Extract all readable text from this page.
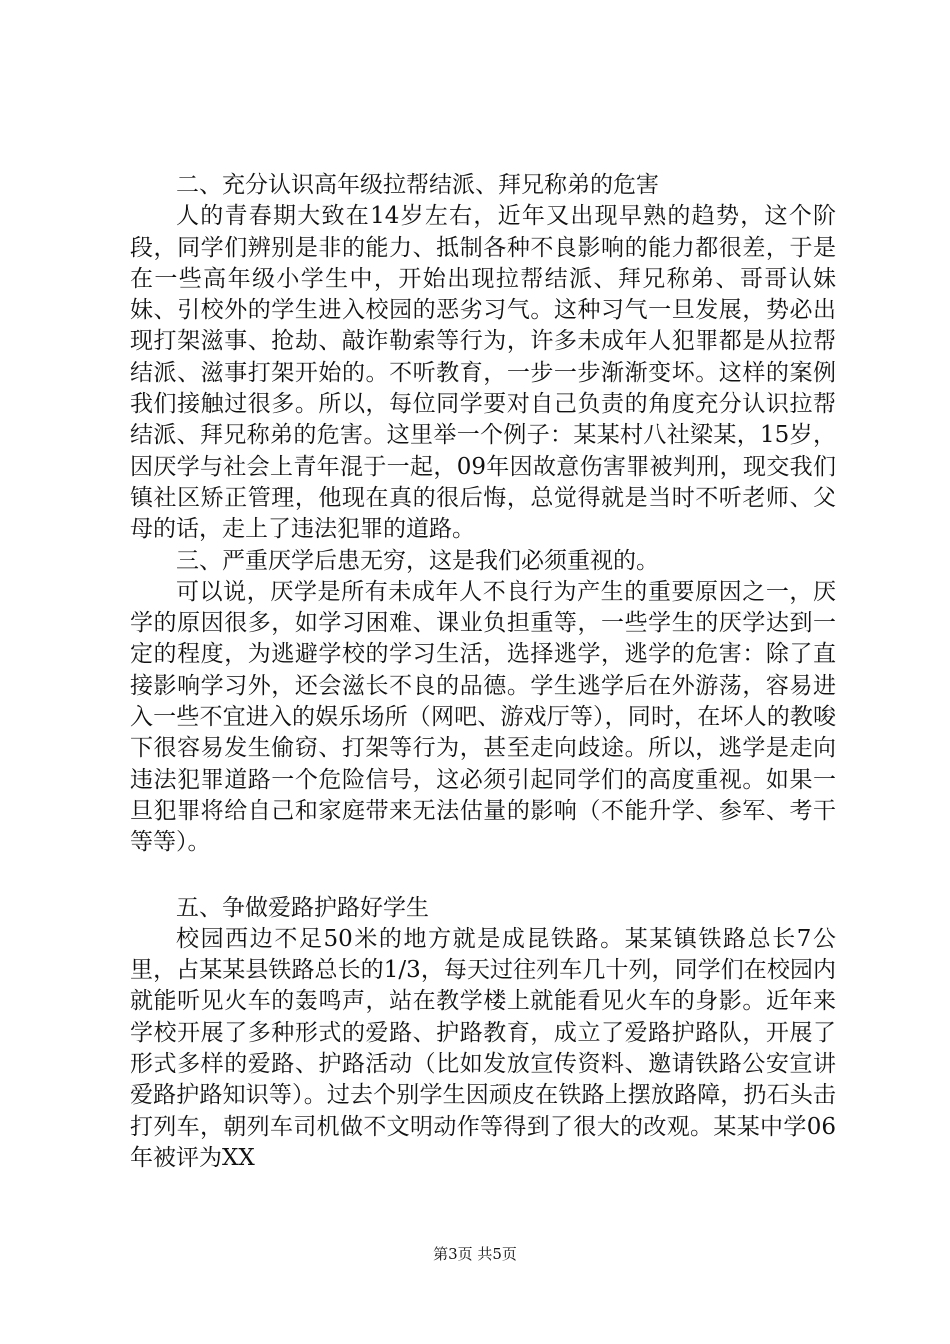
二、充分认识高年级拉帮结派、拜兄称弟的危害

人的青春期大致在14岁左右，近年又出现早熟的趋势，这个阶段，同学们辨别是非的能力、抵制各种不良影响的能力都很差，于是在一些高年级小学生中，开始出现拉帮结派、拜兄称弟、哥哥认妹妹、引校外的学生进入校园的恶劣习气。这种习气一旦发展，势必出现打架滋事、抢劫、敲诈勒索等行为，许多未成年人犯罪都是从拉帮结派、滋事打架开始的。不听教育，一步一步渐渐变坏。这样的案例我们接触过很多。所以，每位同学要对自己负责的角度充分认识拉帮结派、拜兄称弟的危害。这里举一个例子：某某村八社梁某，15岁，因厌学与社会上青年混于一起，09年因故意伤害罪被判刑，现交我们镇社区矫正管理，他现在真的很后悔，总觉得就是当时不听老师、父母的话，走上了违法犯罪的道路。

三、严重厌学后患无穷，这是我们必须重视的。

可以说，厌学是所有未成年人不良行为产生的重要原因之一，厌学的原因很多，如学习困难、课业负担重等，一些学生的厌学达到一定的程度，为逃避学校的学习生活，选择逃学，逃学的危害：除了直接影响学习外，还会滋长不良的品德。学生逃学后在外游荡，容易进入一些不宜进入的娱乐场所（网吧、游戏厅等），同时，在坏人的教唆下很容易发生偷窃、打架等行为，甚至走向歧途。所以，逃学是走向违法犯罪道路一个危险信号，这必须引起同学们的高度重视。如果一旦犯罪将给自己和家庭带来无法估量的影响（不能升学、参军、考干等等）。

五、争做爱路护路好学生

校园西边不足50米的地方就是成昆铁路。某某镇铁路总长7公里，占某某县铁路总长的1/3，每天过往列车几十列，同学们在校园内就能听见火车的轰鸣声，站在教学楼上就能看见火车的身影。近年来学校开展了多种形式的爱路、护路教育，成立了爱路护路队，开展了形式多样的爱路、护路活动（比如发放宣传资料、邀请铁路公安宣讲爱路护路知识等）。过去个别学生因顽皮在铁路上摆放路障，扔石头击打列车，朝列车司机做不文明动作等得到了很大的改观。某某中学06年被评为XX

第3页 共5页
